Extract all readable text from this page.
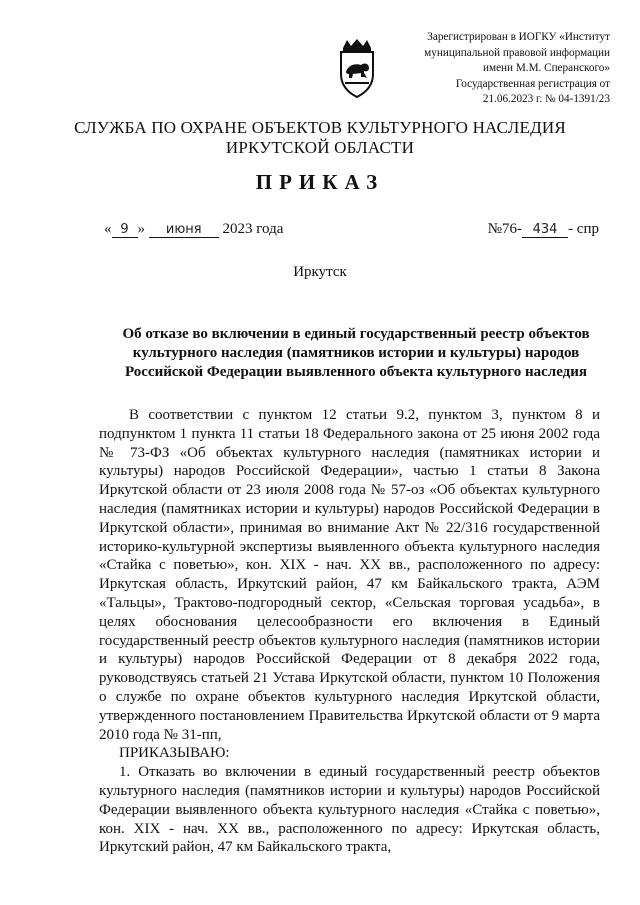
Зарегистрирован в ИОГКУ «Институт
муниципальной правовой информации
имени М.М. Сперанского»
Государственная регистрация от
21.06.2023 г. № 04-1391/23
СЛУЖБА ПО ОХРАНЕ ОБЪЕКТОВ КУЛЬТУРНОГО НАСЛЕДИЯ
ИРКУТСКОЙ ОБЛАСТИ
ПРИКАЗ
« 9 » июня 2023 года	№76- 434 - спр
Иркутск
Об отказе во включении в единый государственный реестр объектов культурного наследия (памятников истории и культуры) народов Российской Федерации выявленного объекта культурного наследия

В соответствии с пунктом 12 статьи 9.2, пунктом 3, пунктом 8 и подпунктом 1 пункта 11 статьи 18 Федерального закона от 25 июня 2002 года № 73-ФЗ «Об объектах культурного наследия (памятниках истории и культуры) народов Российской Федерации», частью 1 статьи 8 Закона Иркутской области от 23 июля 2008 года № 57-оз «Об объектах культурного наследия (памятниках истории и культуры) народов Российской Федерации в Иркутской области», принимая во внимание Акт № 22/316 государственной историко-культурной экспертизы выявленного объекта культурного наследия «Стайка с поветью», кон. XIX - нач. XX вв., расположенного по адресу: Иркутская область, Иркутский район, 47 км Байкальского тракта, АЭМ «Тальцы», Трактово-подгородный сектор, «Сельская торговая усадьба», в целях обоснования целесообразности его включения в Единый государственный реестр объектов культурного наследия (памятников истории и культуры) народов Российской Федерации от 8 декабря 2022 года, руководствуясь статьей 21 Устава Иркутской области, пунктом 10 Положения о службе по охране объектов культурного наследия Иркутской области, утвержденного постановлением Правительства Иркутской области от 9 марта 2010 года № 31-пп,

ПРИКАЗЫВАЮ:

1. Отказать во включении в единый государственный реестр объектов культурного наследия (памятников истории и культуры) народов Российской Федерации выявленного объекта культурного наследия «Стайка с поветью», кон. XIX - нач. XX вв., расположенного по адресу: Иркутская область, Иркутский район, 47 км Байкальского тракта,
